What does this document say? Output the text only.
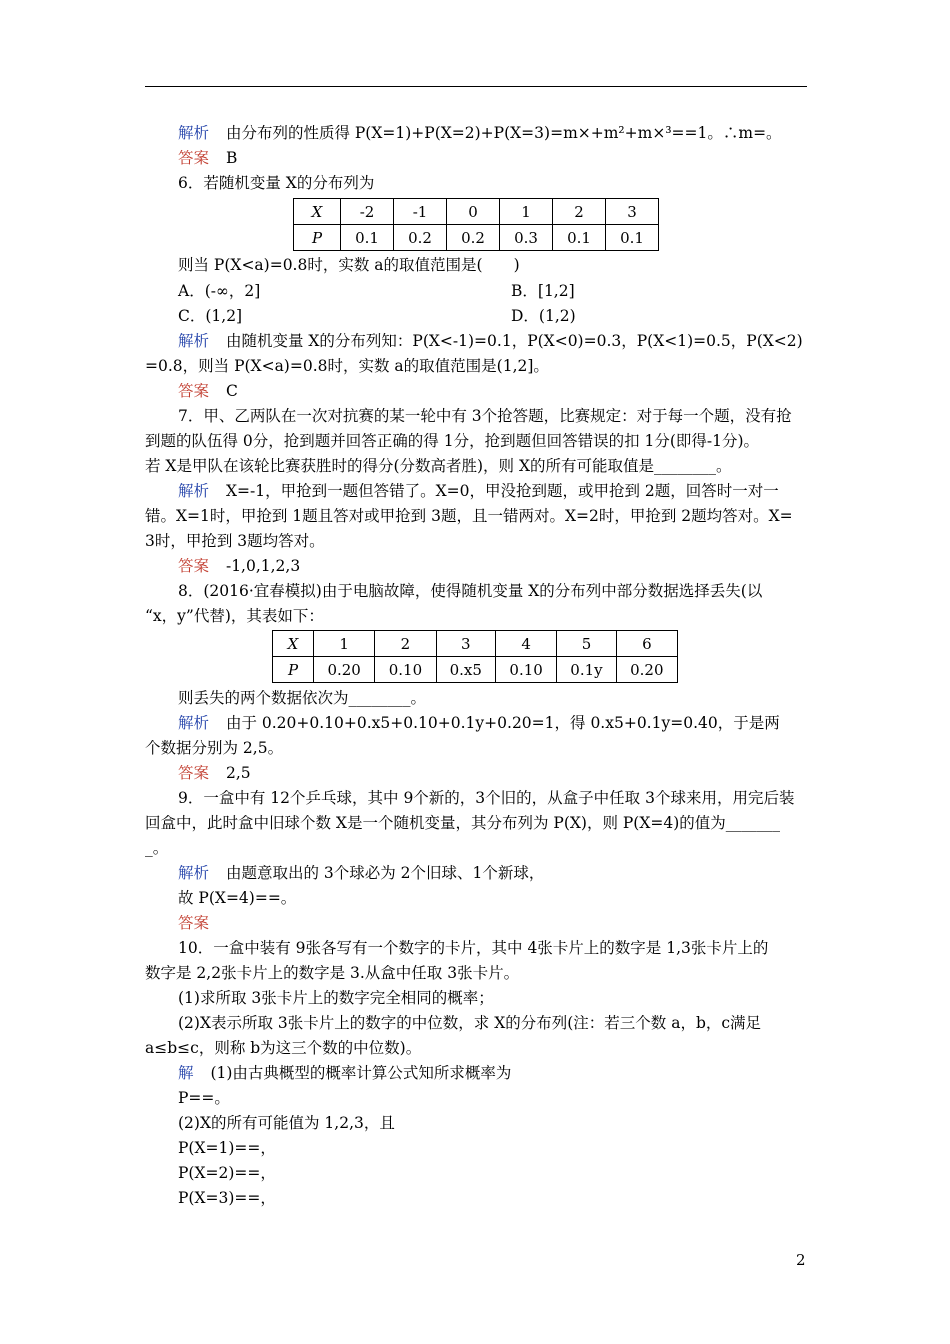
解析 由分布列的性质得 P(X=1)+P(X=2)+P(X=3)=m×+m²+m×³==1。∴m=。
答案 B
6．若随机变量 X的分布列为
X	-2	-1	0	1	2	3
P	0.1	0.2	0.2	0.3	0.1	0.1
则当 P(X<a)=0.8时，实数 a的取值范围是(　　)
A．(-∞，2]	B．[1,2]
C．(1,2]	D．(1,2)
解析 由随机变量 X的分布列知：P(X<-1)=0.1，P(X<0)=0.3，P(X<1)=0.5，P(X<2)
=0.8，则当 P(X<a)=0.8时，实数 a的取值范围是(1,2]。
答案 C
7．甲、乙两队在一次对抗赛的某一轮中有 3个抢答题，比赛规定：对于每一个题，没有抢
到题的队伍得 0分，抢到题并回答正确的得 1分，抢到题但回答错误的扣 1分(即得-1分)。
若 X是甲队在该轮比赛获胜时的得分(分数高者胜)，则 X的所有可能取值是________。
解析 X=-1，甲抢到一题但答错了。X=0，甲没抢到题，或甲抢到 2题，回答时一对一
错。X=1时，甲抢到 1题且答对或甲抢到 3题，且一错两对。X=2时，甲抢到 2题均答对。X=
3时，甲抢到 3题均答对。
答案 -1,0,1,2,3
8．(2016·宜春模拟)由于电脑故障，使得随机变量 X的分布列中部分数据选择丢失(以
“x，y”代替)，其表如下：
X	1	2	3	4	5	6
P	0.20	0.10	0.x5	0.10	0.1y	0.20
则丢失的两个数据依次为________。
解析 由于 0.20+0.10+0.x5+0.10+0.1y+0.20=1，得 0.x5+0.1y=0.40，于是两
个数据分别为 2,5。
答案 2,5
9．一盒中有 12个乒乓球，其中 9个新的，3个旧的，从盒子中任取 3个球来用，用完后装
回盒中，此时盒中旧球个数 X是一个随机变量，其分布列为 P(X)，则 P(X=4)的值为_______
_。
解析 由题意取出的 3个球必为 2个旧球、1个新球，
故 P(X=4)==。
答案
10．一盒中装有 9张各写有一个数字的卡片，其中 4张卡片上的数字是 1,3张卡片上的
数字是 2,2张卡片上的数字是 3.从盒中任取 3张卡片。
(1)求所取 3张卡片上的数字完全相同的概率；
(2)X表示所取 3张卡片上的数字的中位数，求 X的分布列(注：若三个数 a，b，c满足
a≤b≤c，则称 b为这三个数的中位数)。
解 (1)由古典概型的概率计算公式知所求概率为
P==。
(2)X的所有可能值为 1,2,3，且
P(X=1)==，
P(X=2)==，
P(X=3)==，
2
